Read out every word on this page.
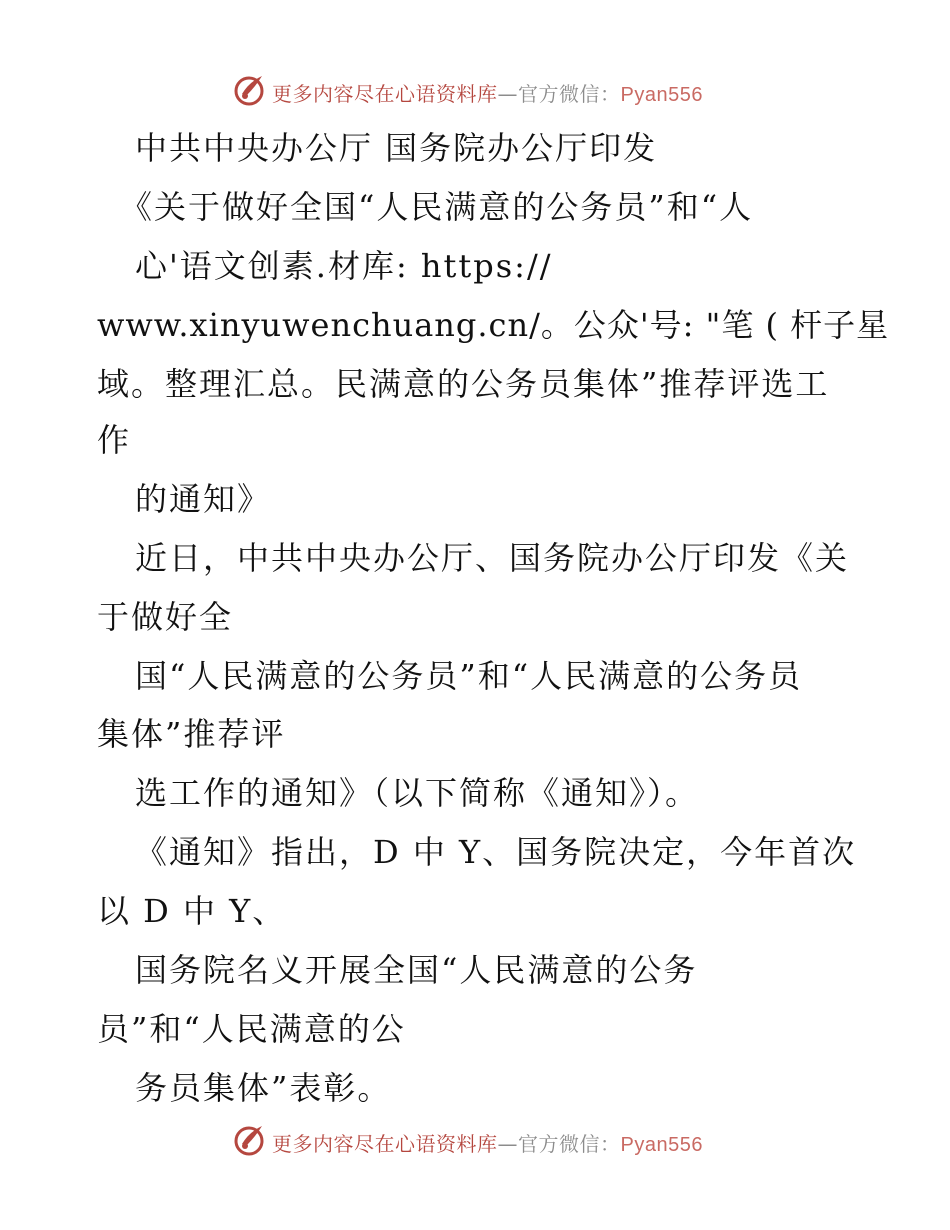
更多内容尽在心语资料库—官方微信：Pyan556
中共中央办公厅 国务院办公厅印发
《关于做好全国“人民满意的公务员”和“人
心'语文创素.材库: https://
www.xinyuwenchuang.cn/。公众'号: "笔 ( 杆子星
域。整理汇总。民满意的公务员集体”推荐评选工
作
的通知》
近日，中共中央办公厅、国务院办公厅印发《关
于做好全
国“人民满意的公务员”和“人民满意的公务员
集体”推荐评
选工作的通知》（以下简称《通知》）。
《通知》指出，D 中 Y、国务院决定，今年首次
以 D 中 Y、
国务院名义开展全国“人民满意的公务
员”和“人民满意的公
务员集体”表彰。
更多内容尽在心语资料库—官方微信：Pyan556
